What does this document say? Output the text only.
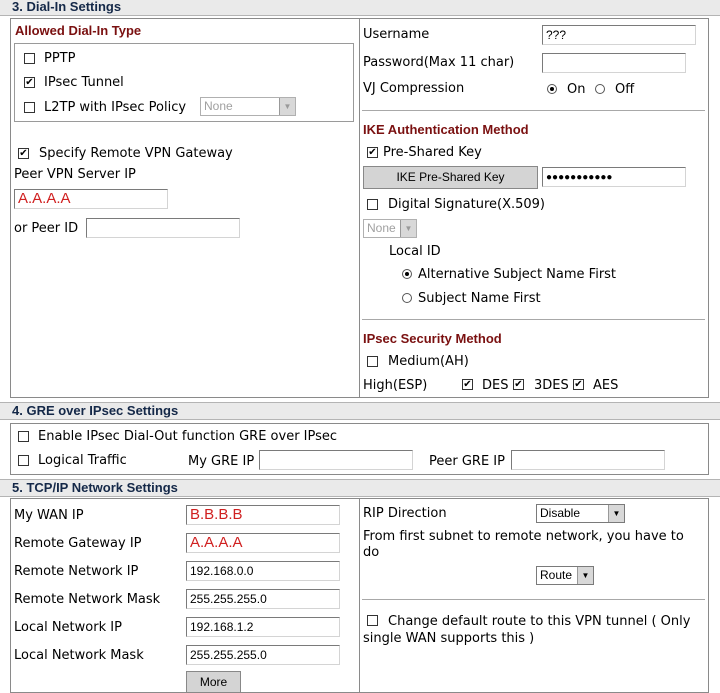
3. Dial-In Settings
Allowed Dial-In Type
PPTP
✔
IPsec Tunnel
L2TP with IPsec Policy	None	▼
✔
Specify Remote VPN Gateway
Peer VPN Server IP
A.A.A.A
or Peer ID
Username	???
Password(Max 11 char)
VJ Compression	On Off
IKE Authentication Method
✔
Pre-Shared Key
IKE Pre-Shared Key	●●●●●●●●●●●
Digital Signature(X.509)
None	▼
Local ID
Alternative Subject Name First
Subject Name First
IPsec Security Method
Medium(AH)
High(ESP) ✔	DES ✔ 3DES ✔ AES
4. GRE over IPsec Settings
Enable IPsec Dial-Out function GRE over IPsec
Logical Traffic	My GRE IP	Peer GRE IP
5. TCP/IP Network Settings
My WAN IP	B.B.B.B
Remote Gateway IP	A.A.A.A
Remote Network IP	192.168.0.0
Remote Network Mask	255.255.255.0
Local Network IP	192.168.1.2
Local Network Mask	255.255.255.0
More
RIP Direction	Disable	▼
From first subnet to remote network, you have to do
Route	▼
Change default route to this VPN tunnel ( Only single WAN supports this )
